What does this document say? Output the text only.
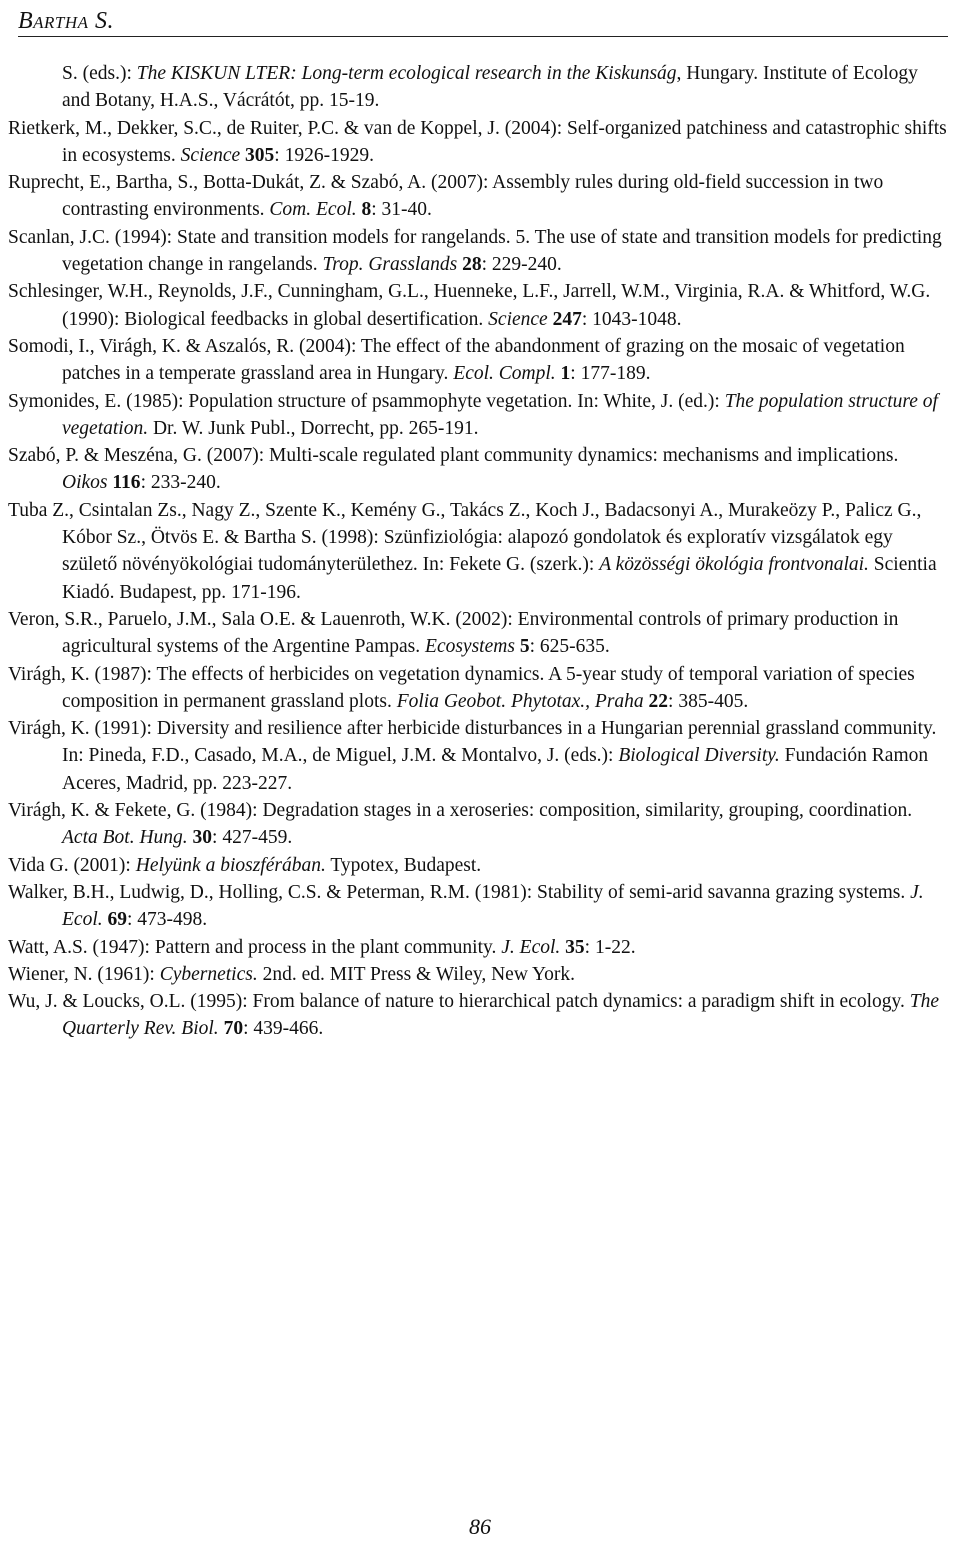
Bartha S.
S. (eds.): The KISKUN LTER: Long-term ecological research in the Kiskunság, Hungary. Institute of Ecology and Botany, H.A.S., Vácrátót, pp. 15-19.
Rietkerk, M., Dekker, S.C., de Ruiter, P.C. & van de Koppel, J. (2004): Self-organized patchiness and catastrophic shifts in ecosystems. Science 305: 1926-1929.
Ruprecht, E., Bartha, S., Botta-Dukát, Z. & Szabó, A. (2007): Assembly rules during old-field succession in two contrasting environments. Com. Ecol. 8: 31-40.
Scanlan, J.C. (1994): State and transition models for rangelands. 5. The use of state and transition models for predicting vegetation change in rangelands. Trop. Grasslands 28: 229-240.
Schlesinger, W.H., Reynolds, J.F., Cunningham, G.L., Huenneke, L.F., Jarrell, W.M., Virginia, R.A. & Whitford, W.G. (1990): Biological feedbacks in global desertification. Science 247: 1043-1048.
Somodi, I., Virágh, K. & Aszalós, R. (2004): The effect of the abandonment of grazing on the mosaic of vegetation patches in a temperate grassland area in Hungary. Ecol. Compl. 1: 177-189.
Symonides, E. (1985): Population structure of psammophyte vegetation. In: White, J. (ed.): The population structure of vegetation. Dr. W. Junk Publ., Dorrecht, pp. 265-191.
Szabó, P. & Meszéna, G. (2007): Multi-scale regulated plant community dynamics: mechanisms and implications. Oikos 116: 233-240.
Tuba Z., Csintalan Zs., Nagy Z., Szente K., Kemény G., Takács Z., Koch J., Badacsonyi A., Murakeözy P., Palicz G., Kóbor Sz., Ötvös E. & Bartha S. (1998): Szünfiziológia: alapozó gondolatok és exploratív vizsgálatok egy születő növényökológiai tudományterülethez. In: Fekete G. (szerk.): A közösségi ökológia frontvonalai. Scientia Kiadó. Budapest, pp. 171-196.
Veron, S.R., Paruelo, J.M., Sala O.E. & Lauenroth, W.K. (2002): Environmental controls of primary production in agricultural systems of the Argentine Pampas. Ecosystems 5: 625-635.
Virágh, K. (1987): The effects of herbicides on vegetation dynamics. A 5-year study of temporal variation of species composition in permanent grassland plots. Folia Geobot. Phytotax., Praha 22: 385-405.
Virágh, K. (1991): Diversity and resilience after herbicide disturbances in a Hungarian perennial grassland community. In: Pineda, F.D., Casado, M.A., de Miguel, J.M. & Montalvo, J. (eds.): Biological Diversity. Fundación Ramon Aceres, Madrid, pp. 223-227.
Virágh, K. & Fekete, G. (1984): Degradation stages in a xeroseries: composition, similarity, grouping, coordination. Acta Bot. Hung. 30: 427-459.
Vida G. (2001): Helyünk a bioszférában. Typotex, Budapest.
Walker, B.H., Ludwig, D., Holling, C.S. & Peterman, R.M. (1981): Stability of semi-arid savanna grazing systems. J. Ecol. 69: 473-498.
Watt, A.S. (1947): Pattern and process in the plant community. J. Ecol. 35: 1-22.
Wiener, N. (1961): Cybernetics. 2nd. ed. MIT Press & Wiley, New York.
Wu, J. & Loucks, O.L. (1995): From balance of nature to hierarchical patch dynamics: a paradigm shift in ecology. The Quarterly Rev. Biol. 70: 439-466.
86
